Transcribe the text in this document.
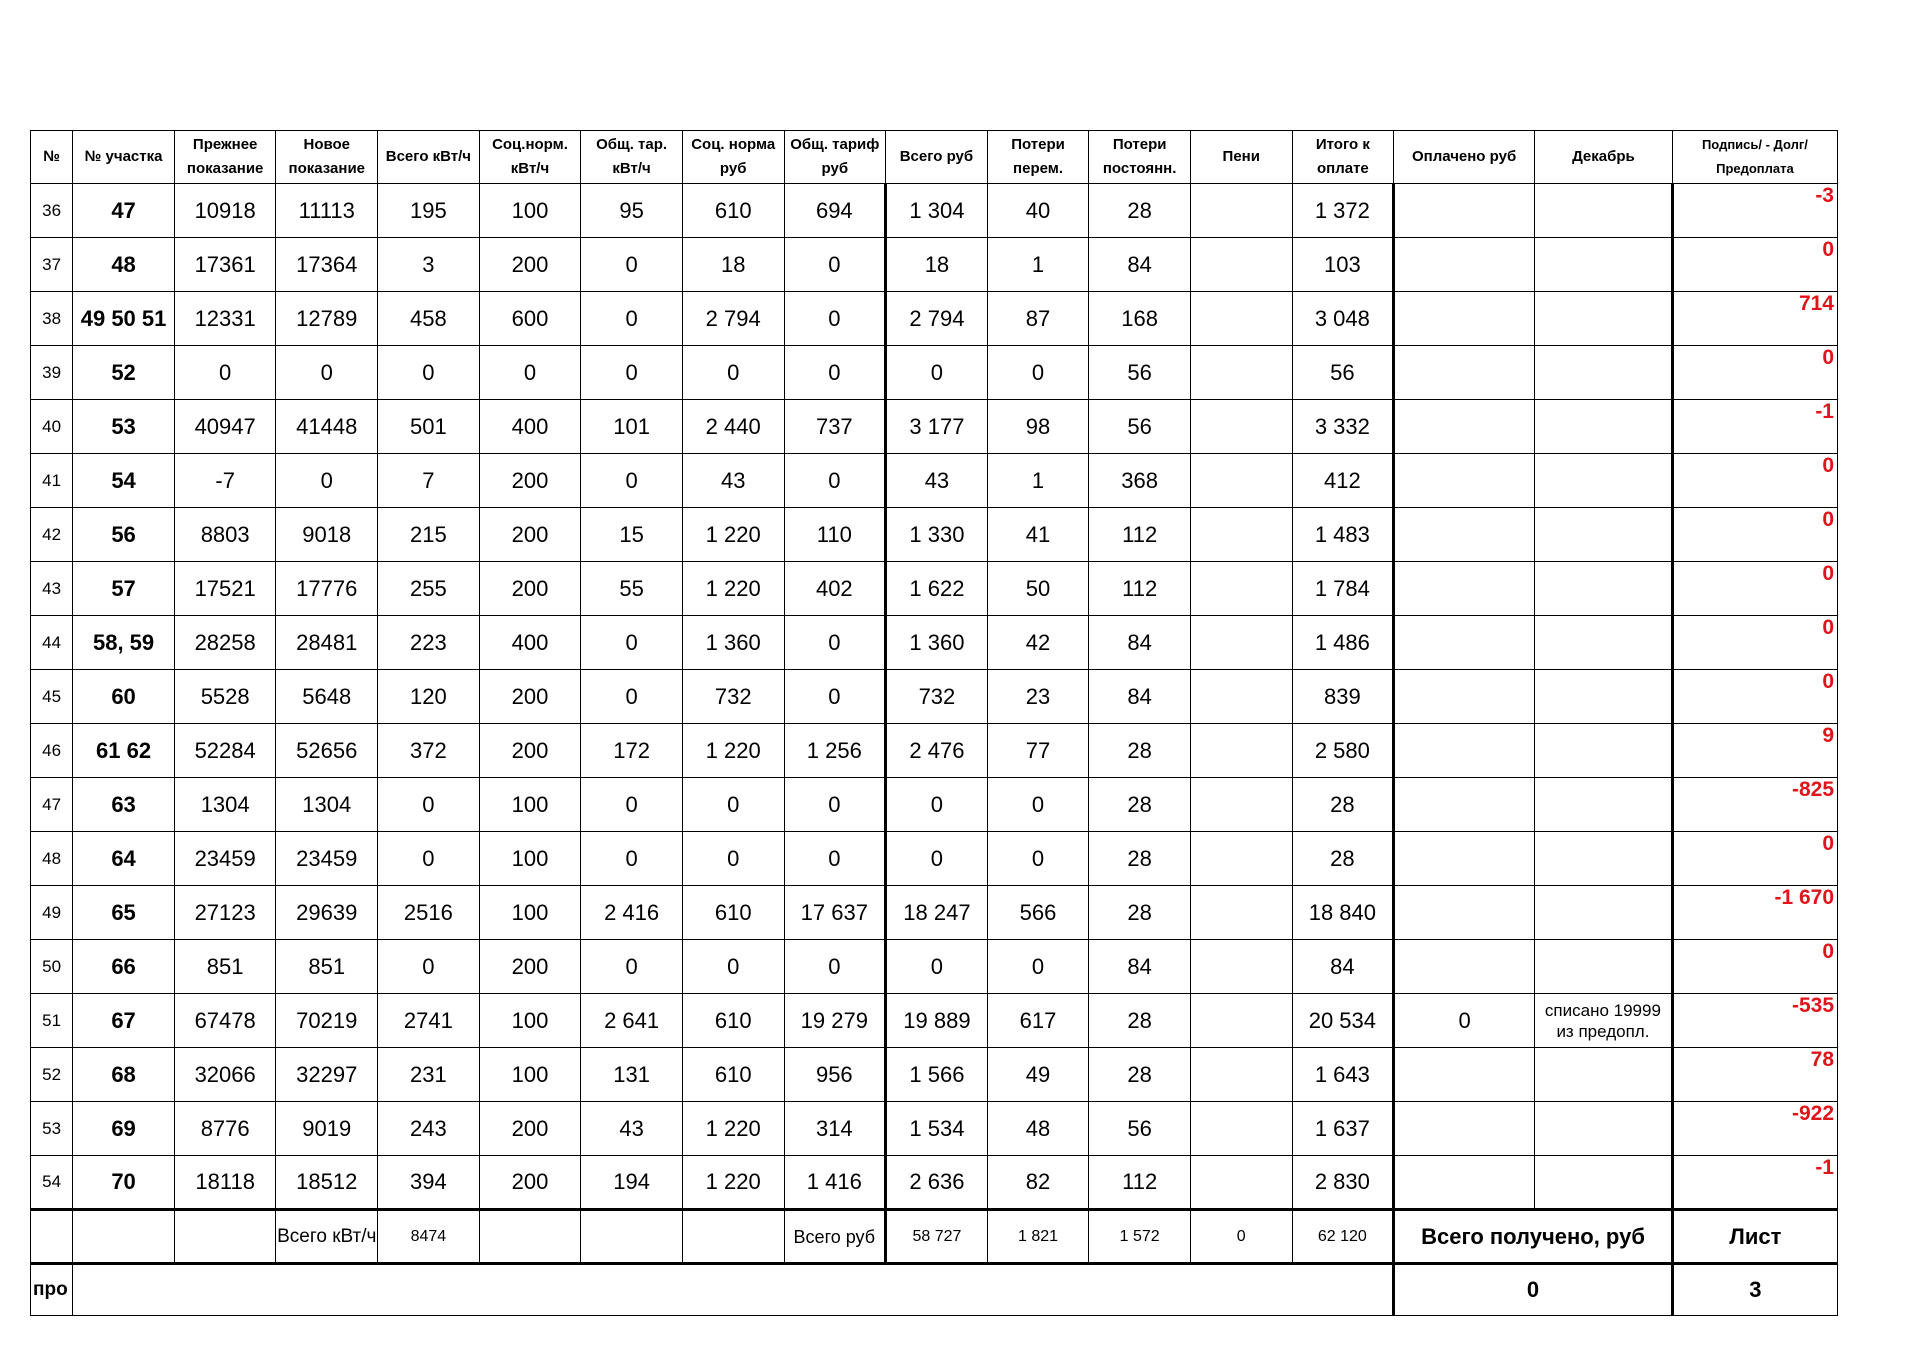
№	№ участка	Прежнее показание	Новое показание	Всего кВт/ч	Соц.норм. кВт/ч	Общ. тар. кВт/ч	Соц. норма руб	Общ. тариф руб	Всего руб	Потери перем.	Потери постоянн.	Пени	Итого к оплате	Оплачено руб	Декабрь	Подпись/ - Долг/Предоплата
36	47	10918	11113	195	100	95	610	694	1 304	40	28		1 372			-3
37	48	17361	17364	3	200	0	18	0	18	1	84		103			0
38	49 50 51	12331	12789	458	600	0	2 794	0	2 794	87	168		3 048			714
39	52	0	0	0	0	0	0	0	0	0	56		56			0
40	53	40947	41448	501	400	101	2 440	737	3 177	98	56		3 332			-1
41	54	-7	0	7	200	0	43	0	43	1	368		412			0
42	56	8803	9018	215	200	15	1 220	110	1 330	41	112		1 483			0
43	57	17521	17776	255	200	55	1 220	402	1 622	50	112		1 784			0
44	58, 59	28258	28481	223	400	0	1 360	0	1 360	42	84		1 486			0
45	60	5528	5648	120	200	0	732	0	732	23	84		839			0
46	61 62	52284	52656	372	200	172	1 220	1 256	2 476	77	28		2 580			9
47	63	1304	1304	0	100	0	0	0	0	0	28		28			-825
48	64	23459	23459	0	100	0	0	0	0	0	28		28			0
49	65	27123	29639	2516	100	2 416	610	17 637	18 247	566	28		18 840			-1 670
50	66	851	851	0	200	0	0	0	0	0	84		84			0
51	67	67478	70219	2741	100	2 641	610	19 279	19 889	617	28		20 534	0	списано 19999 из предопл.	-535
52	68	32066	32297	231	100	131	610	956	1 566	49	28		1 643			78
53	69	8776	9019	243	200	43	1 220	314	1 534	48	56		1 637			-922
54	70	18118	18512	394	200	194	1 220	1 416	2 636	82	112		2 830			-1
			Всего кВт/ч	8474				Всего руб	58 727	1 821	1 572	0	62 120	Всего получено, руб		Лист
про														0		3
